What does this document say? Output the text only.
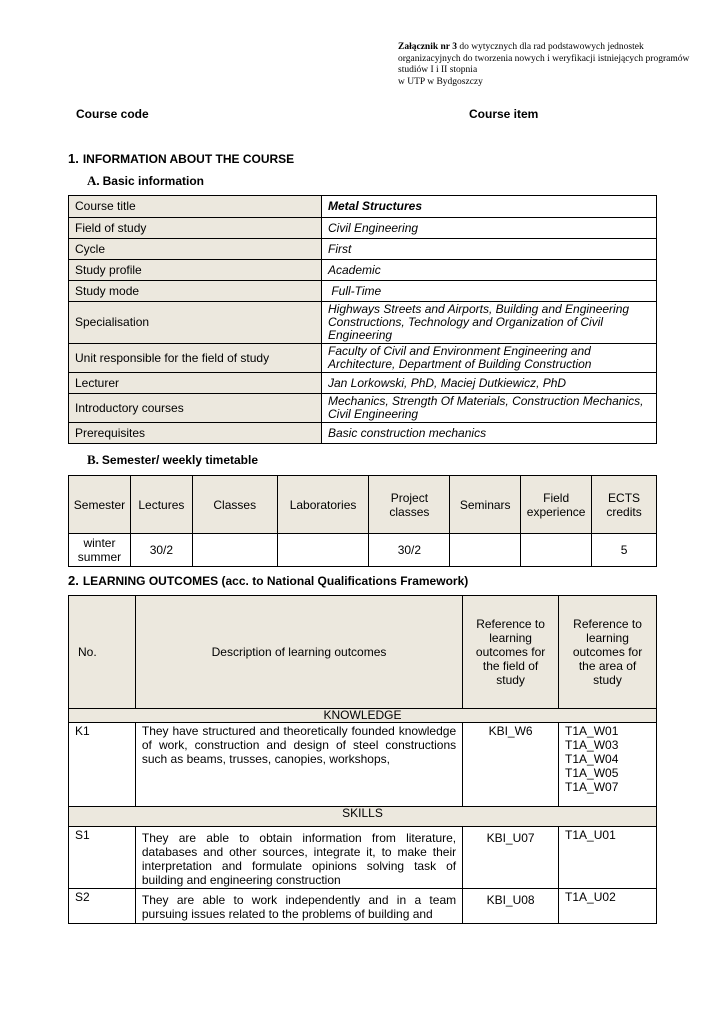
Załącznik nr 3 do wytycznych dla rad podstawowych jednostek organizacyjnych do tworzenia nowych i weryfikacji istniejących programów studiów I i II stopnia
w UTP w Bydgoszczy
Course code	Course item
1. INFORMATION ABOUT THE COURSE
A. Basic information
Course title	Metal Structures
Field of study	Civil Engineering
Cycle	First
Study profile	Academic
Study mode	Full-Time
Specialisation	Highways Streets and Airports, Building and Engineering Constructions, Technology and Organization of Civil Engineering
Unit responsible for the field of study	Faculty of Civil and Environment Engineering and Architecture, Department of Building Construction
Lecturer	Jan Lorkowski, PhD, Maciej Dutkiewicz, PhD
Introductory courses	Mechanics, Strength Of Materials, Construction Mechanics, Civil Engineering
Prerequisites	Basic construction mechanics
B. Semester/ weekly timetable
Semester	Lectures	Classes	Laboratories	Project classes	Seminars	Field experience	ECTS credits
winter
summer	30/2			30/2			5
2. LEARNING OUTCOMES (acc. to National Qualifications Framework)
No.	Description of learning outcomes	Reference to learning outcomes for the field of study	Reference to learning outcomes for the area of study
KNOWLEDGE			
K1	They have structured and theoretically founded knowledge of work, construction and design of steel constructions such as beams, trusses, canopies, workshops,	KBI_W6	T1A_W01
T1A_W03
T1A_W04
T1A_W05
T1A_W07
SKILLS			
S1	They are able to obtain information from literature, databases and other sources, integrate it, to make their interpretation and formulate opinions solving task of building and engineering construction	KBI_U07	T1A_U01
S2	They are able to work independently and in a team pursuing issues related to the problems of building and	KBI_U08	T1A_U02
